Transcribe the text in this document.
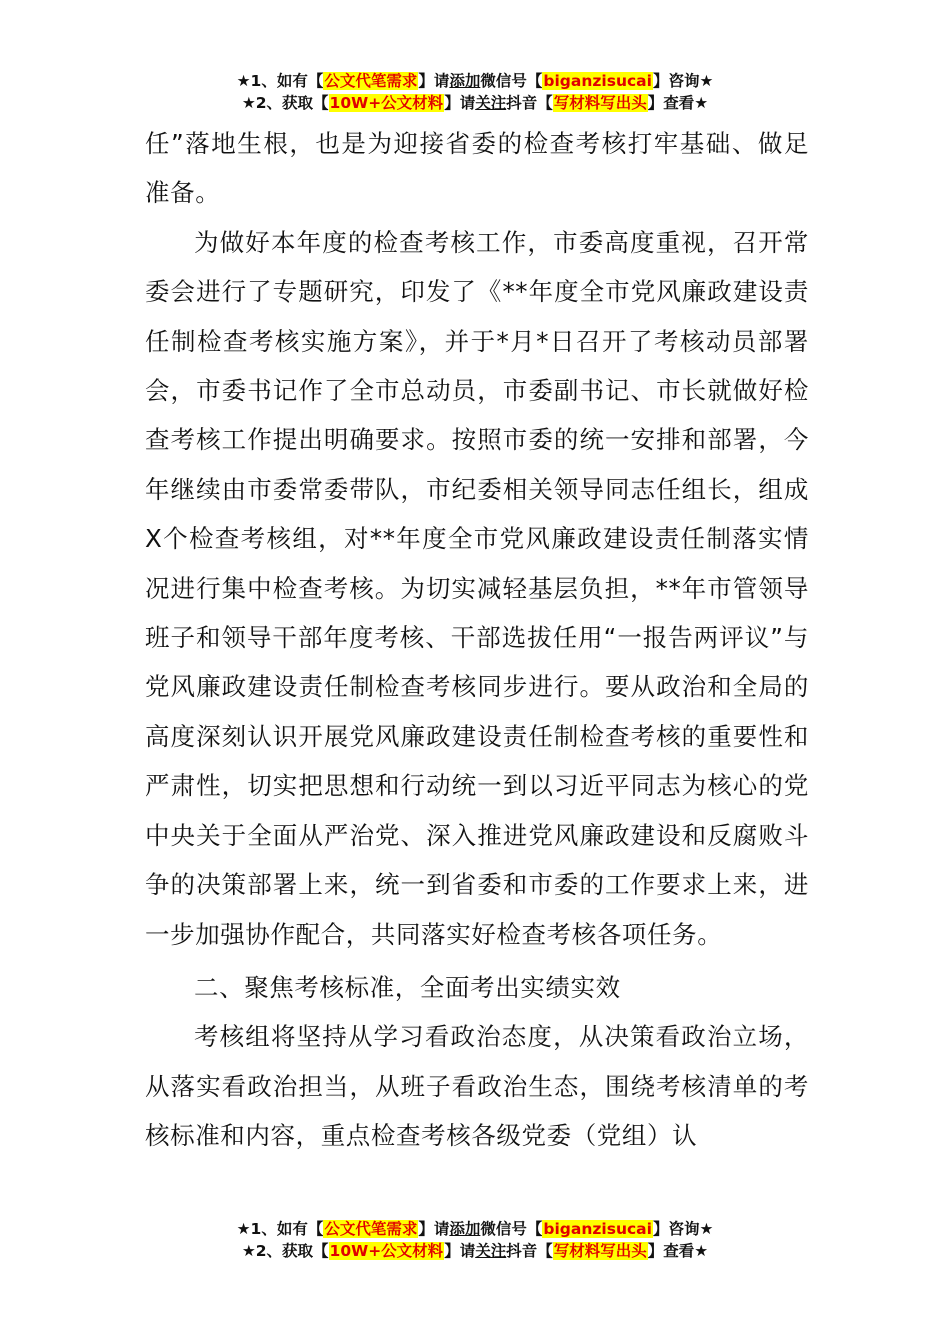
★1、如有【公文代笔需求】请添加微信号【biganzisucai】咨询★
★2、获取【10W+公文材料】请关注抖音【写材料写出头】查看★

任”落地生根，也是为迎接省委的检查考核打牢基础、做足准备。

为做好本年度的检查考核工作，市委高度重视，召开常委会进行了专题研究，印发了《**年度全市党风廉政建设责任制检查考核实施方案》，并于*月*日召开了考核动员部署会，市委书记作了全市总动员，市委副书记、市长就做好检查考核工作提出明确要求。按照市委的统一安排和部署，今年继续由市委常委带队，市纪委相关领导同志任组长，组成X个检查考核组，对**年度全市党风廉政建设责任制落实情况进行集中检查考核。为切实减轻基层负担，**年市管领导班子和领导干部年度考核、干部选拔任用“一报告两评议”与党风廉政建设责任制检查考核同步进行。要从政治和全局的高度深刻认识开展党风廉政建设责任制检查考核的重要性和严肃性，切实把思想和行动统一到以习近平同志为核心的党中央关于全面从严治党、深入推进党风廉政建设和反腐败斗争的决策部署上来，统一到省委和市委的工作要求上来，进一步加强协作配合，共同落实好检查考核各项任务。

二、聚焦考核标准，全面考出实绩实效

考核组将坚持从学习看政治态度，从决策看政治立场，从落实看政治担当，从班子看政治生态，围绕考核清单的考核标准和内容，重点检查考核各级党委（党组）认

★1、如有【公文代笔需求】请添加微信号【biganzisucai】咨询★
★2、获取【10W+公文材料】请关注抖音【写材料写出头】查看★
